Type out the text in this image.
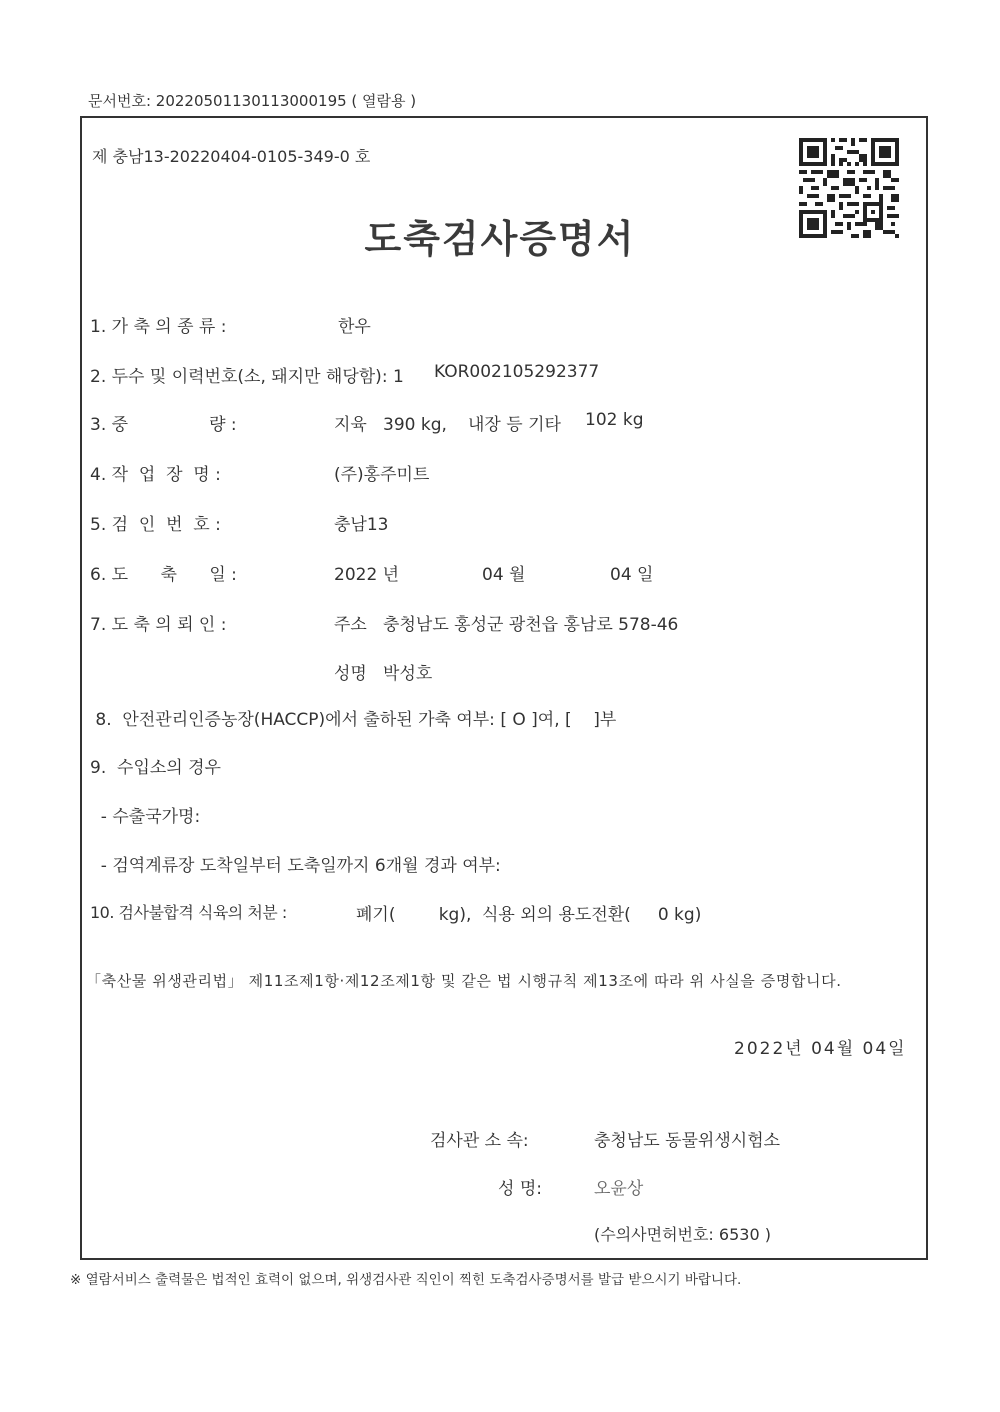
문서번호: 20220501130113000195 ( 열람용 )
제 충남13-20220404-0105-349-0 호
도축검사증명서
1. 가 축 의 종 류 :	한우
2. 두수 및 이력번호(소, 돼지만 해당함): 1 KOR002105292377
3. 중               량 :	지육   390 kg, 내장 등 기타 102 kg
4. 작  업  장  명 :	(주)홍주미트
5. 검  인  번  호 :	충남13
6. 도      축      일 :	2022 년	04 월	04 일
7. 도 축 의 뢰 인 :	주소   충청남도 홍성군 광천읍 홍남로 578-46
성명   박성호
8.  안전관리인증농장(HACCP)에서 출하된 가축 여부: [ O ]여, [    ]부
9.  수입소의 경우
- 수출국가명:
- 검역계류장 도착일부터 도축일까지 6개월 경과 여부:
10. 검사불합격 식육의 처분 :	폐기(        kg), 식용 외의 용도전환(     0 kg)
「축산물 위생관리법」 제11조제1항·제12조제1항 및 같은 법 시행규칙 제13조에 따라 위 사실을 증명합니다.
2022년 04월 04일
검사관 소 속:	충청남도 동물위생시험소
성 명:	오윤상
(수의사면허번호: 6530 )
※ 열람서비스 출력물은 법적인 효력이 없으며, 위생검사관 직인이 찍힌 도축검사증명서를 발급 받으시기 바랍니다.
